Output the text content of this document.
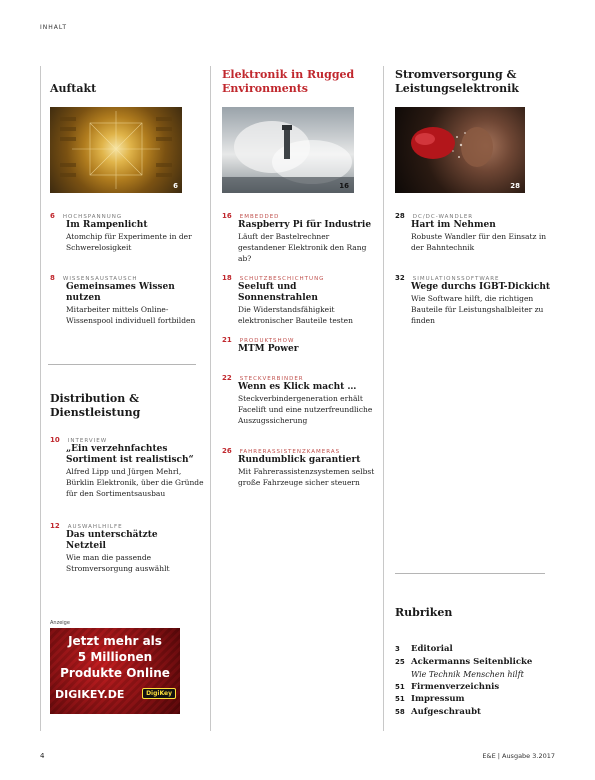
INHALT
Auftakt
6
6 HOCHSPANNUNG
Im Rampenlicht
Atomchip für Experimente in der Schwerelosigkeit
8 WISSENSAUSTAUSCH
Gemeinsames Wissen nutzen
Mitarbeiter mittels Online-Wissenspool individuell fortbilden
Distribution & Dienstleistung
10 INTERVIEW
„Ein verzehnfachtes Sortiment ist realistisch“
Alfred Lipp und Jürgen Mehrl, Bürklin Elektronik, über die Gründe für den Sortimentsausbau
12 AUSWAHLHILFE
Das unterschätzte Netzteil
Wie man die passende Stromversorgung auswählt
Anzeige
Jetzt mehr als
5 Millionen
Produkte Online
DIGIKEY.DE	DigiKey
Elektronik in Rugged Environments
16
16 EMBEDDED
Raspberry Pi für Industrie
Läuft der Bastelrechner gestandener Elektronik den Rang ab?
18 SCHUTZBESCHICHTUNG
Seeluft und Sonnenstrahlen
Die Widerstandsfähigkeit elektronischer Bauteile testen
21 PRODUKTSHOW
MTM Power
22 STECKVERBINDER
Wenn es Klick macht …
Steckverbindergeneration erhält Facelift und eine nutzerfreundliche Auszugssicherung
26 FAHRERASSISTENZKAMERAS
Rundumblick garantiert
Mit Fahrerassistenzsystemen selbst große Fahrzeuge sicher steuern
Stromversorgung & Leistungselektronik
28
28 DC/DC-WANDLER
Hart im Nehmen
Robuste Wandler für den Einsatz in der Bahntechnik
32 SIMULATIONSSOFTWARE
Wege durchs IGBT-Dickicht
Wie Software hilft, die richtigen Bauteile für Leistungshalbleiter zu finden
Rubriken
3 Editorial
25 Ackermanns Seitenblicke
Wie Technik Menschen hilft
51 Firmenverzeichnis
51 Impressum
58 Aufgeschraubt
4	E&E | Ausgabe 3.2017
